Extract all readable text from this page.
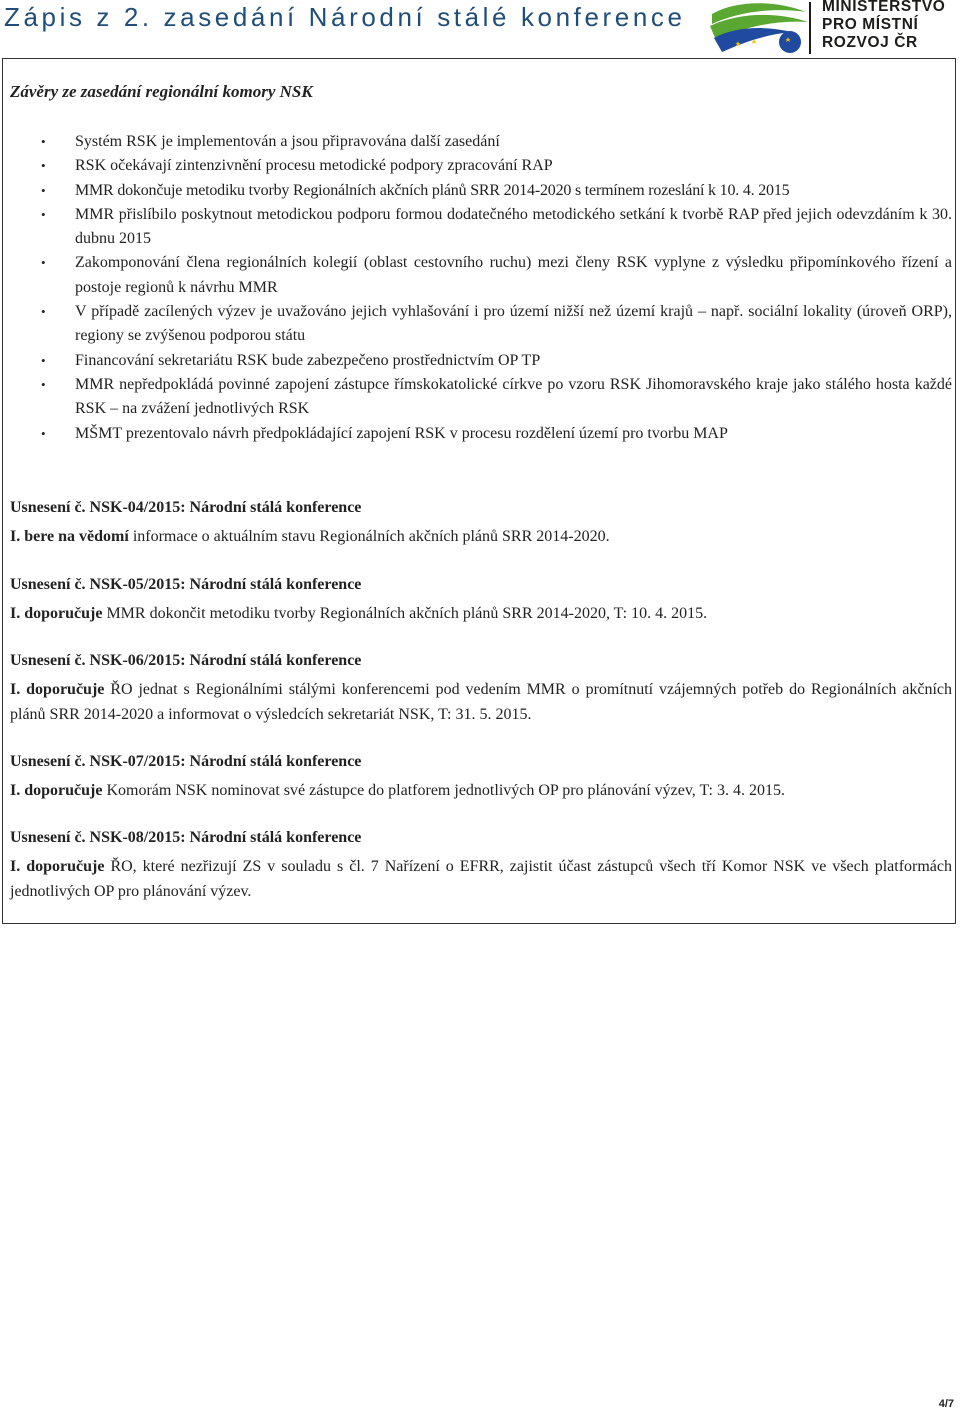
Zápis z 2. zasedání Národní stálé konference	MINISTERSTVO
PRO MÍSTNÍ
ROZVOJ ČR
Závěry ze zasedání regionální komory NSK
• Systém RSK je implementován a jsou připravována další zasedání
• RSK očekávají zintenzivnění procesu metodické podpory zpracování RAP
• MMR dokončuje metodiku tvorby Regionálních akčních plánů SRR 2014-2020 s termínem rozeslání k 10. 4. 2015
• MMR přislíbilo poskytnout metodickou podporu formou dodatečného metodického setkání k tvorbě RAP před jejich odevzdáním k 30. dubnu 2015
• Zakomponování člena regionálních kolegií (oblast cestovního ruchu) mezi členy RSK vyplyne z výsledku připomínkového řízení a postoje regionů k návrhu MMR
• V případě zacílených výzev je uvažováno jejich vyhlašování i pro území nižší než území krajů – např. sociální lokality (úroveň ORP), regiony se zvýšenou podporou státu
• Financování sekretariátu RSK bude zabezpečeno prostřednictvím OP TP
• MMR nepředpokládá povinné zapojení zástupce římskokatolické církve po vzoru RSK Jihomoravského kraje jako stálého hosta každé RSK – na zvážení jednotlivých RSK
• MŠMT prezentovalo návrh předpokládající zapojení RSK v procesu rozdělení území pro tvorbu MAP
Usnesení č. NSK-04/2015: Národní stálá konference
I. bere na vědomí informace o aktuálním stavu Regionálních akčních plánů SRR 2014-2020.
Usnesení č. NSK-05/2015: Národní stálá konference
I. doporučuje MMR dokončit metodiku tvorby Regionálních akčních plánů SRR 2014-2020, T: 10. 4. 2015.
Usnesení č. NSK-06/2015: Národní stálá konference
I. doporučuje ŘO jednat s Regionálními stálými konferencemi pod vedením MMR o promítnutí vzájemných potřeb do Regionálních akčních plánů SRR 2014-2020 a informovat o výsledcích sekretariát NSK, T: 31. 5. 2015.
Usnesení č. NSK-07/2015: Národní stálá konference
I. doporučuje Komorám NSK nominovat své zástupce do platforem jednotlivých OP pro plánování výzev, T: 3. 4. 2015.
Usnesení č. NSK-08/2015: Národní stálá konference
I. doporučuje ŘO, které nezřizují ZS v souladu s čl. 7 Nařízení o EFRR, zajistit účast zástupců všech tří Komor NSK ve všech platformách jednotlivých OP pro plánování výzev.
4/7
